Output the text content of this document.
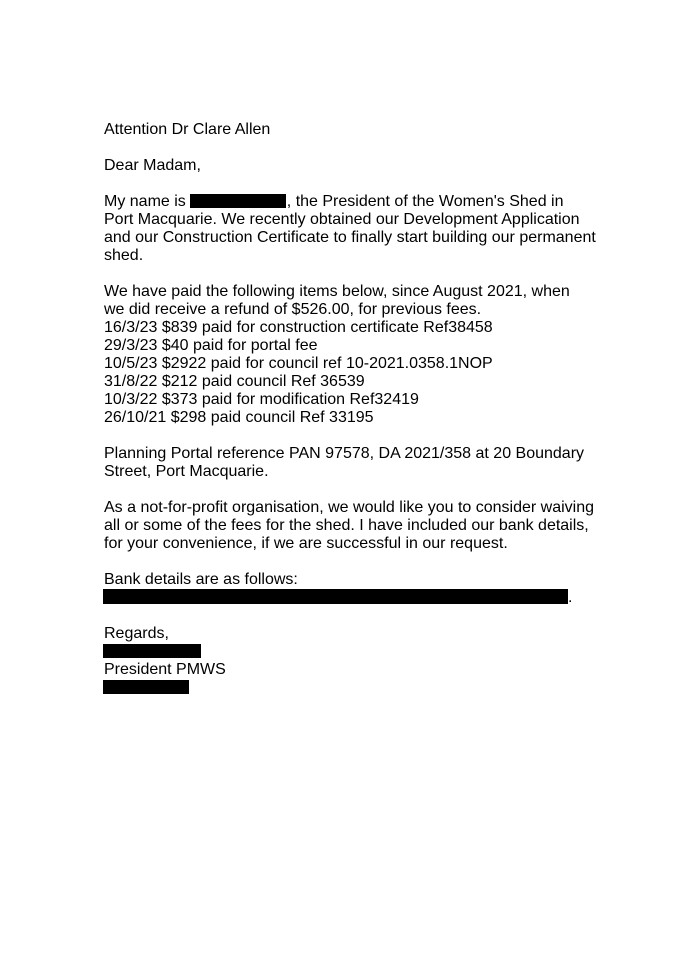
Attention Dr Clare Allen

Dear Madam,

My name is	, the President of the Women's Shed in
Port Macquarie. We recently obtained our Development Application
and our Construction Certificate to finally start building our permanent
shed.

We have paid the following items below, since August 2021, when
we did receive a refund of $526.00, for previous fees.
16/3/23 $839 paid for construction certificate Ref38458
29/3/23 $40 paid for portal fee
10/5/23 $2922 paid for council ref 10-2021.0358.1NOP
31/8/22 $212 paid council Ref 36539
10/3/22 $373 paid for modification Ref32419
26/10/21 $298 paid council Ref 33195

Planning Portal reference PAN 97578, DA 2021/358 at 20 Boundary
Street, Port Macquarie.

As a not-for-profit organisation, we would like you to consider waiving
all or some of the fees for the shed. I have included our bank details,
for your convenience, if we are successful in our request.

Bank details are as follows:
.

Regards,
President PMWS
